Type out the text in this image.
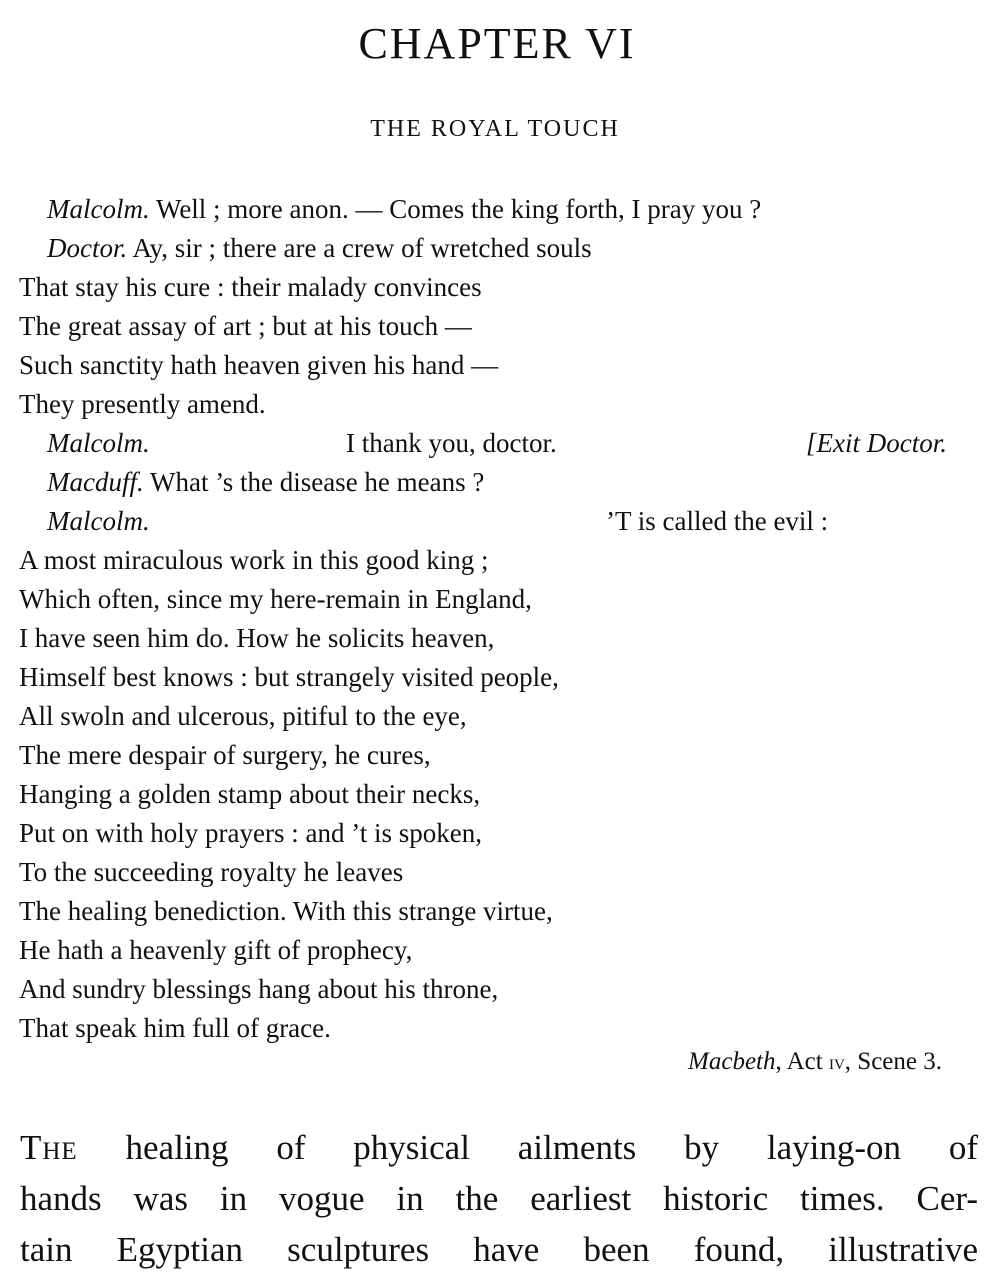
CHAPTER VI
THE ROYAL TOUCH
Malcolm. Well ; more anon. — Comes the king forth, I pray you ?
Doctor. Ay, sir ; there are a crew of wretched souls
That stay his cure : their malady convinces
The great assay of art ; but at his touch —
Such sanctity hath heaven given his hand —
They presently amend.
Malcolm.	I thank you, doctor.	[Exit Doctor.
Macduff. What ’s the disease he means ?
Malcolm.	’T is called the evil :
A most miraculous work in this good king ;
Which often, since my here-remain in England,
I have seen him do. How he solicits heaven,
Himself best knows : but strangely visited people,
All swoln and ulcerous, pitiful to the eye,
The mere despair of surgery, he cures,
Hanging a golden stamp about their necks,
Put on with holy prayers : and ’t is spoken,
To the succeeding royalty he leaves
The healing benediction. With this strange virtue,
He hath a heavenly gift of prophecy,
And sundry blessings hang about his throne,
That speak him full of grace.
Macbeth, Act iv, Scene 3.
The healing of physical ailments by laying-on of
hands was in vogue in the earliest historic times. Cer-
tain Egyptian sculptures have been found, illustrative
